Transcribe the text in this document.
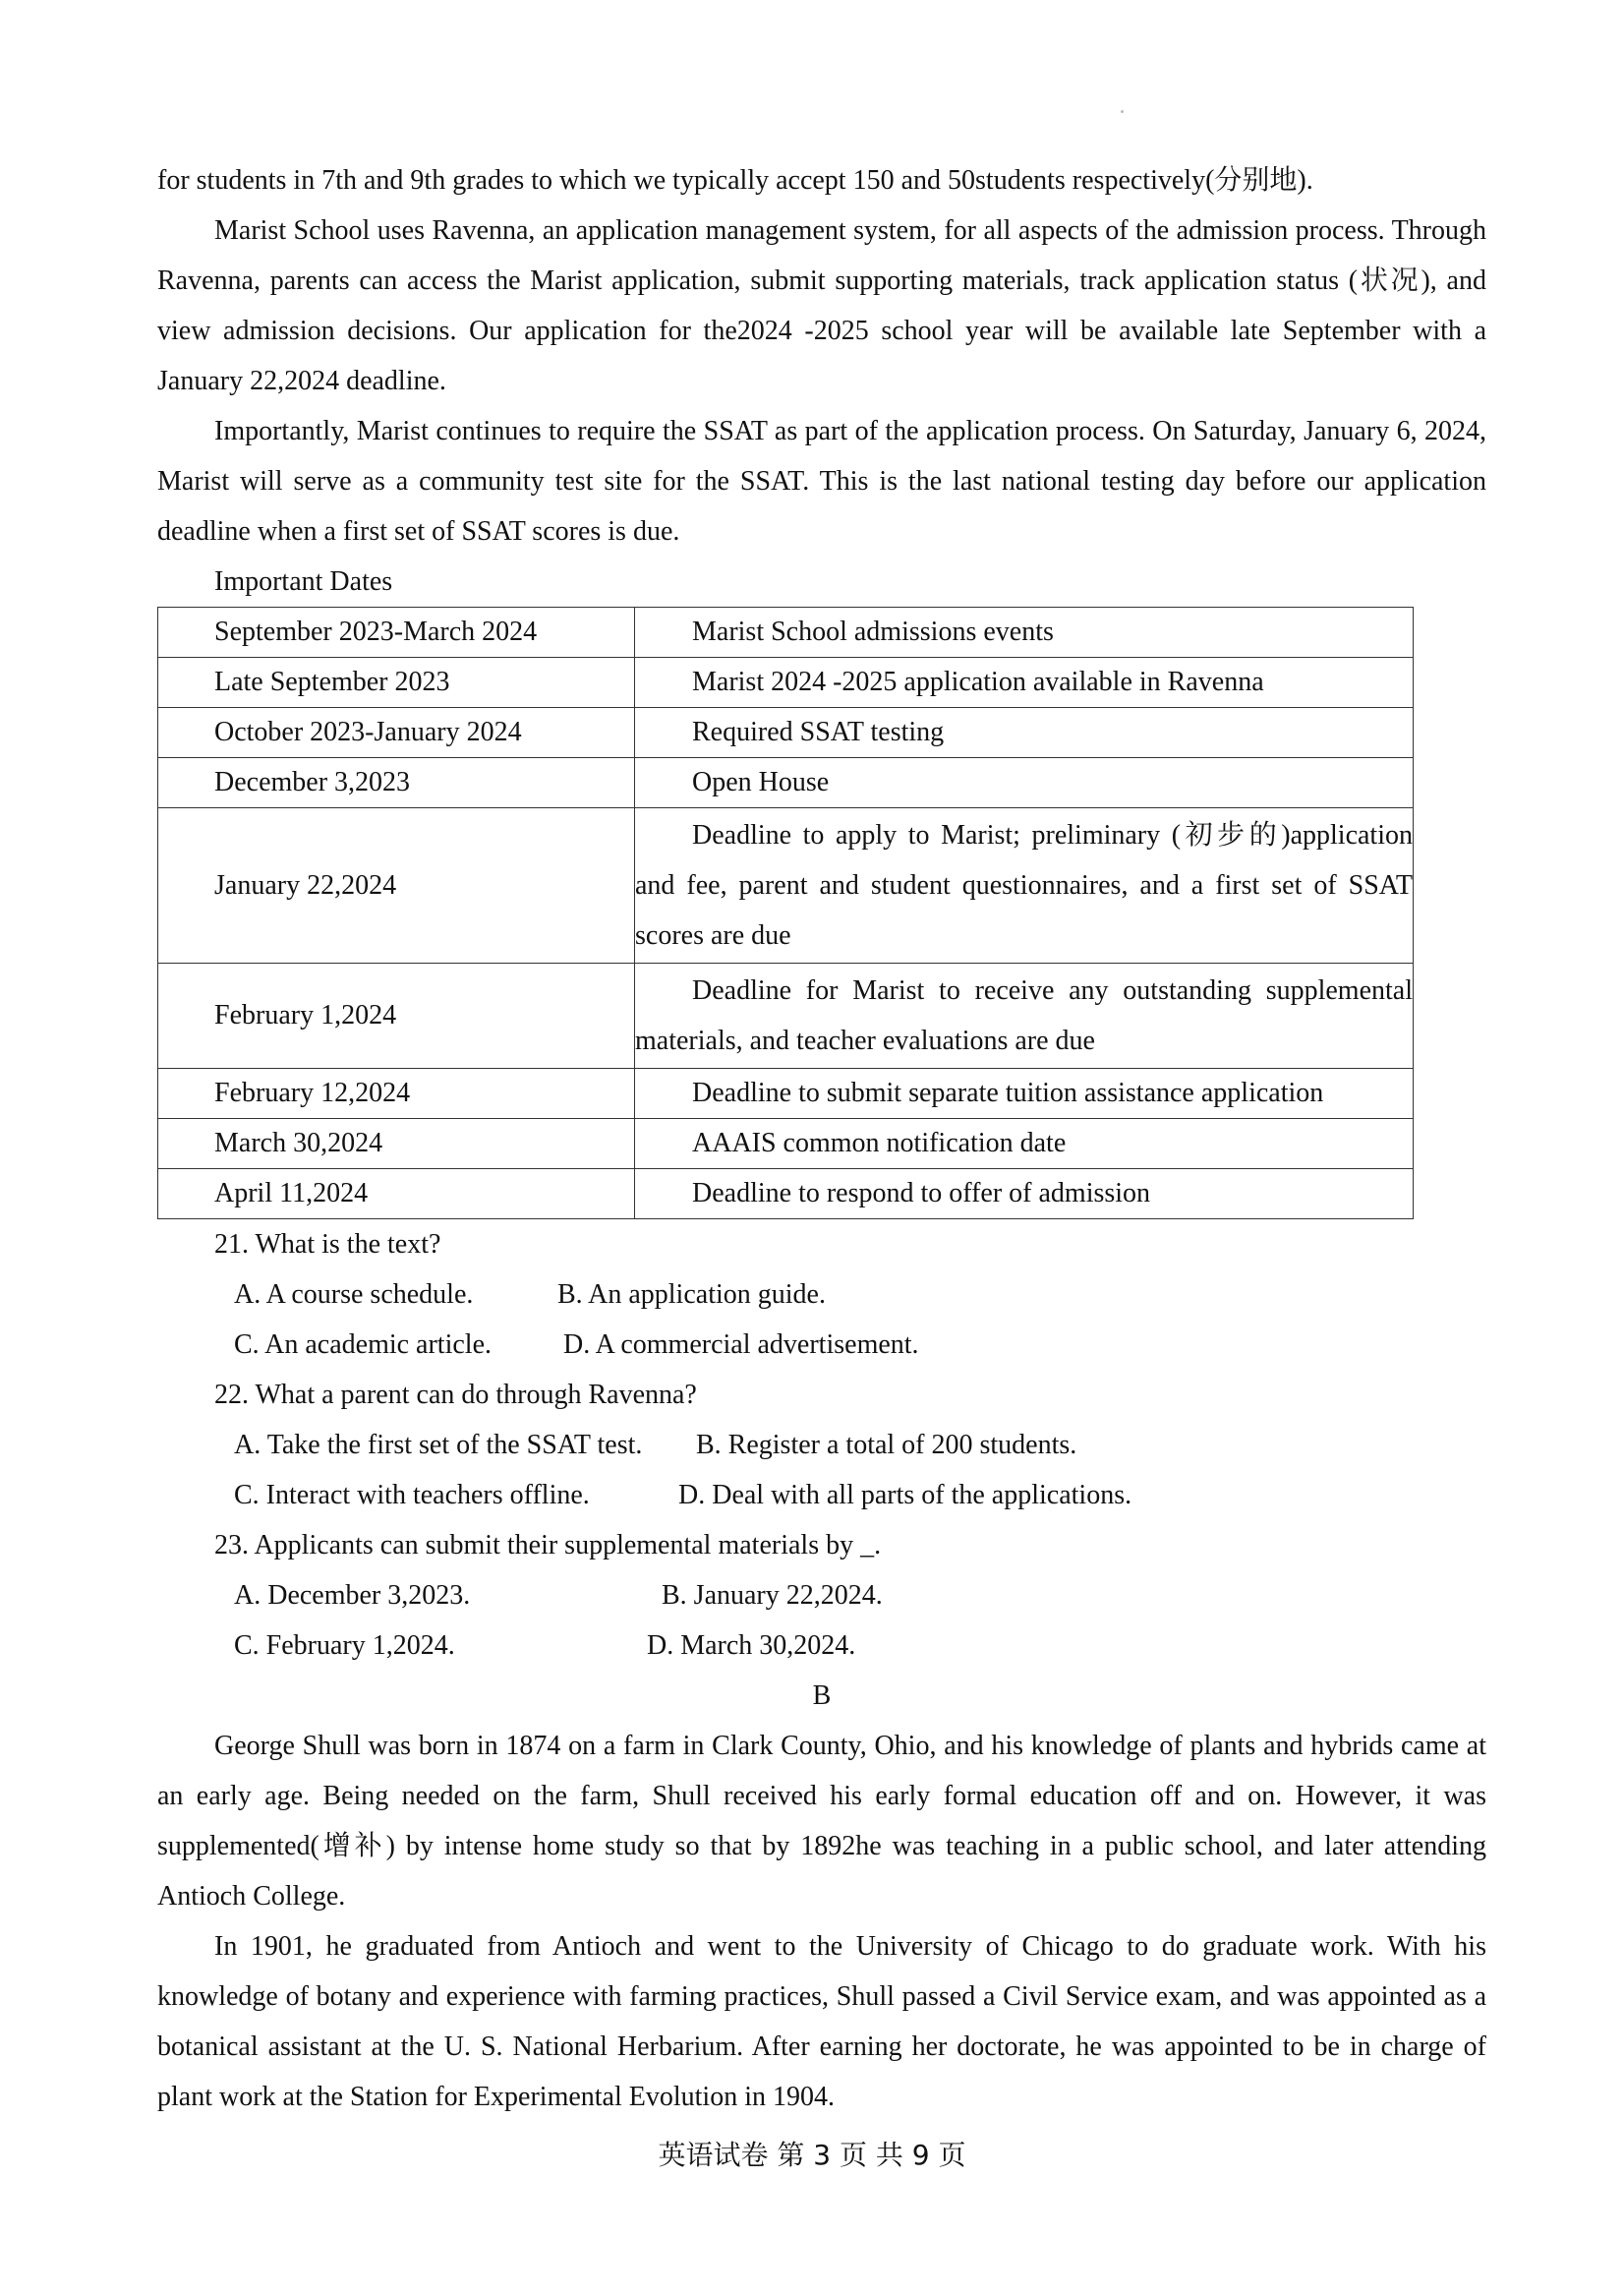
for students in 7th and 9th grades to which we typically accept 150 and 50students respectively(分别地).

Marist School uses Ravenna, an application management system, for all aspects of the admission process. Through Ravenna, parents can access the Marist application, submit supporting materials, track application status (状况), and view admission decisions. Our application for the2024 -2025 school year will be available late September with a January 22,2024 deadline.

Importantly, Marist continues to require the SSAT as part of the application process. On Saturday, January 6, 2024, Marist will serve as a community test site for the SSAT. This is the last national testing day before our application deadline when a first set of SSAT scores is due.

Important Dates
September 2023-March 2024	Marist School admissions events

Late September 2023	Marist 2024 -2025 application available in Ravenna

October 2023-January 2024	Required SSAT testing

December 3,2023	Open House

January 22,2024	Deadline to apply to Marist; preliminary (初步的)application and fee, parent and student questionnaires, and a first set of SSAT scores are due

February 1,2024	Deadline for Marist to receive any outstanding supplemental materials, and teacher evaluations are due

February 12,2024	Deadline to submit separate tuition assistance application

March 30,2024	AAAIS common notification date

April 11,2024	Deadline to respond to offer of admission
21. What is the text?
A. A course schedule.	B. An application guide.
C. An academic article.	D. A commercial advertisement.
22. What a parent can do through Ravenna?
A. Take the first set of the SSAT test. B. Register a total of 200 students.
C. Interact with teachers offline.	D. Deal with all parts of the applications.
23. Applicants can submit their supplemental materials by _.
A. December 3,2023.	B. January 22,2024.
C. February 1,2024.	D. March 30,2024.
B

George Shull was born in 1874 on a farm in Clark County, Ohio, and his knowledge of plants and hybrids came at an early age. Being needed on the farm, Shull received his early formal education off and on. However, it was supplemented(增补) by intense home study so that by 1892he was teaching in a public school, and later attending Antioch College.

In 1901, he graduated from Antioch and went to the University of Chicago to do graduate work. With his knowledge of botany and experience with farming practices, Shull passed a Civil Service exam, and was appointed as a botanical assistant at the U. S. National Herbarium. After earning her doctorate, he was appointed to be in charge of plant work at the Station for Experimental Evolution in 1904.

英语试卷 第 3 页 共 9 页
